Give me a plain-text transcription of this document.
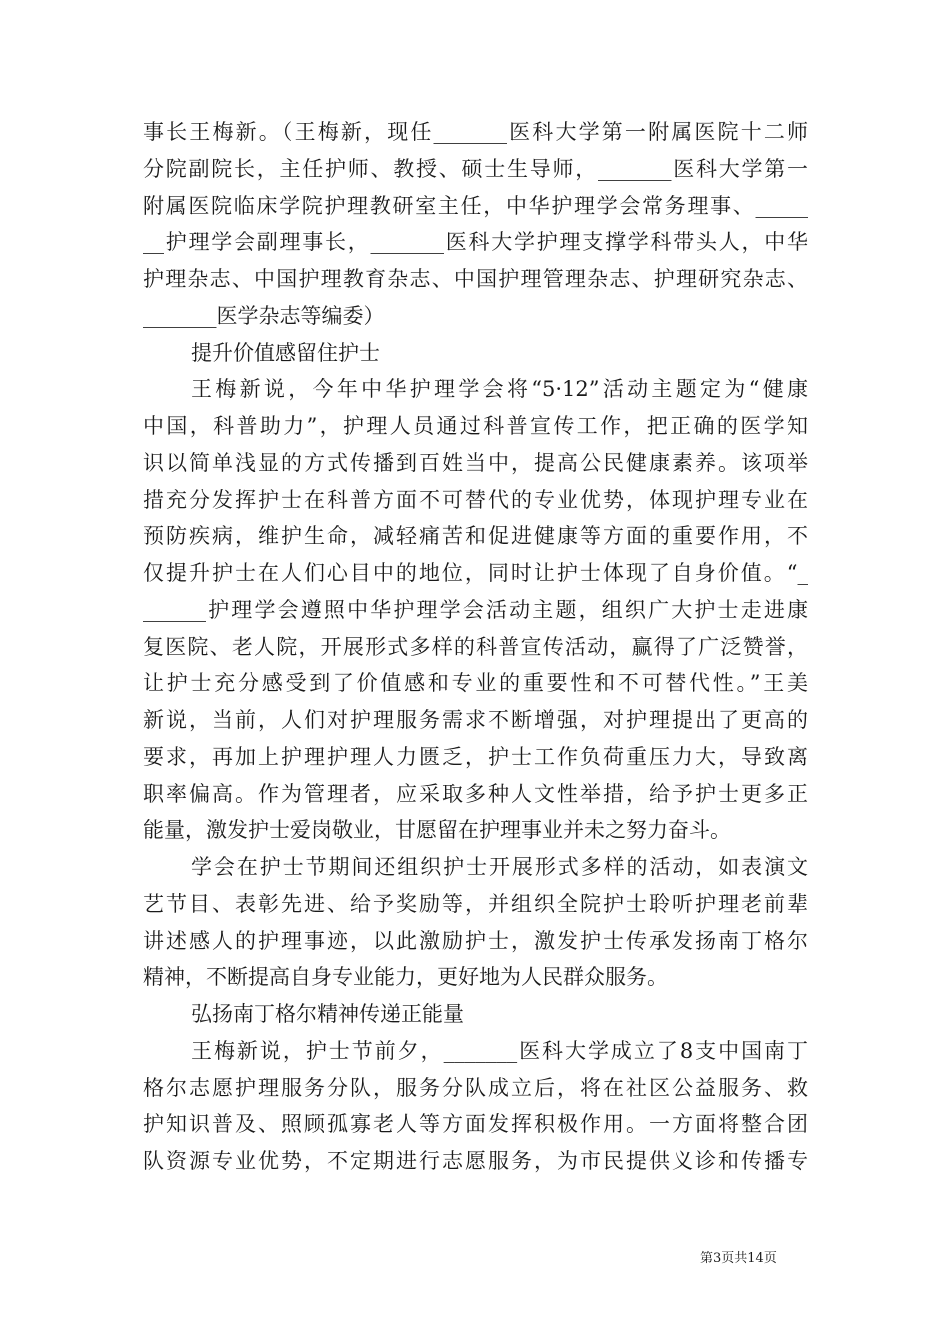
事长王梅新。（王梅新，现任_______医科大学第一附属医院十二师
分院副院长，主任护师、教授、硕士生导师，_______医科大学第一
附属医院临床学院护理教研室主任，中华护理学会常务理事、_____
__护理学会副理事长，_______医科大学护理支撑学科带头人，中华
护理杂志、中国护理教育杂志、中国护理管理杂志、护理研究杂志、
_______医学杂志等编委）
提升价值感留住护士
王梅新说，今年中华护理学会将“5·12”活动主题定为“健康
中国，科普助力”，护理人员通过科普宣传工作，把正确的医学知
识以简单浅显的方式传播到百姓当中，提高公民健康素养。该项举
措充分发挥护士在科普方面不可替代的专业优势，体现护理专业在
预防疾病，维护生命，减轻痛苦和促进健康等方面的重要作用，不
仅提升护士在人们心目中的地位，同时让护士体现了自身价值。“_
______护理学会遵照中华护理学会活动主题，组织广大护士走进康
复医院、老人院，开展形式多样的科普宣传活动，赢得了广泛赞誉，
让护士充分感受到了价值感和专业的重要性和不可替代性。”王美
新说，当前，人们对护理服务需求不断增强，对护理提出了更高的
要求，再加上护理护理人力匮乏，护士工作负荷重压力大，导致离
职率偏高。作为管理者，应采取多种人文性举措，给予护士更多正
能量，激发护士爱岗敬业，甘愿留在护理事业并未之努力奋斗。
学会在护士节期间还组织护士开展形式多样的活动，如表演文
艺节目、表彰先进、给予奖励等，并组织全院护士聆听护理老前辈
讲述感人的护理事迹，以此激励护士，激发护士传承发扬南丁格尔
精神，不断提高自身专业能力，更好地为人民群众服务。
弘扬南丁格尔精神传递正能量
王梅新说，护士节前夕，_______医科大学成立了8支中国南丁
格尔志愿护理服务分队，服务分队成立后，将在社区公益服务、救
护知识普及、照顾孤寡老人等方面发挥积极作用。一方面将整合团
队资源专业优势，不定期进行志愿服务，为市民提供义诊和传播专
第3页共14页
